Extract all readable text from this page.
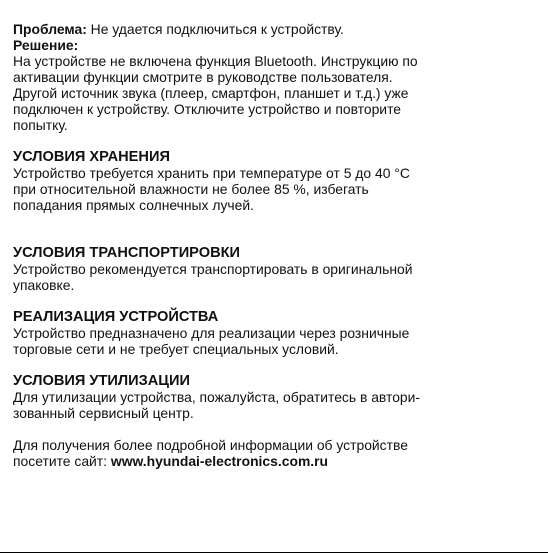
Проблема: Не удается подключиться к устройству.

Решение:

На устройстве не включена функция Bluetooth. Инструкцию по
активации функции смотрите в руководстве пользователя.
Другой источник звука (плеер, смартфон, планшет и т.д.) уже
подключен к устройству. Отключите устройство и повторите
попытку.

УСЛОВИЯ ХРАНЕНИЯ

Устройство требуется хранить при температуре от 5 до 40 °С
при относительной влажности не более 85 %, избегать
попадания прямых солнечных лучей.

УСЛОВИЯ ТРАНСПОРТИРОВКИ

Устройство рекомендуется транспортировать в оригинальной
упаковке.

РЕАЛИЗАЦИЯ УСТРОЙСТВА

Устройство предназначено для реализации через розничные
торговые сети и не требует специальных условий.

УСЛОВИЯ УТИЛИЗАЦИИ

Для утилизации устройства, пожалуйста, обратитесь в автори-
зованный сервисный центр.

Для получения более подробной информации об устройстве
посетите сайт: www.hyundai-electronics.com.ru
